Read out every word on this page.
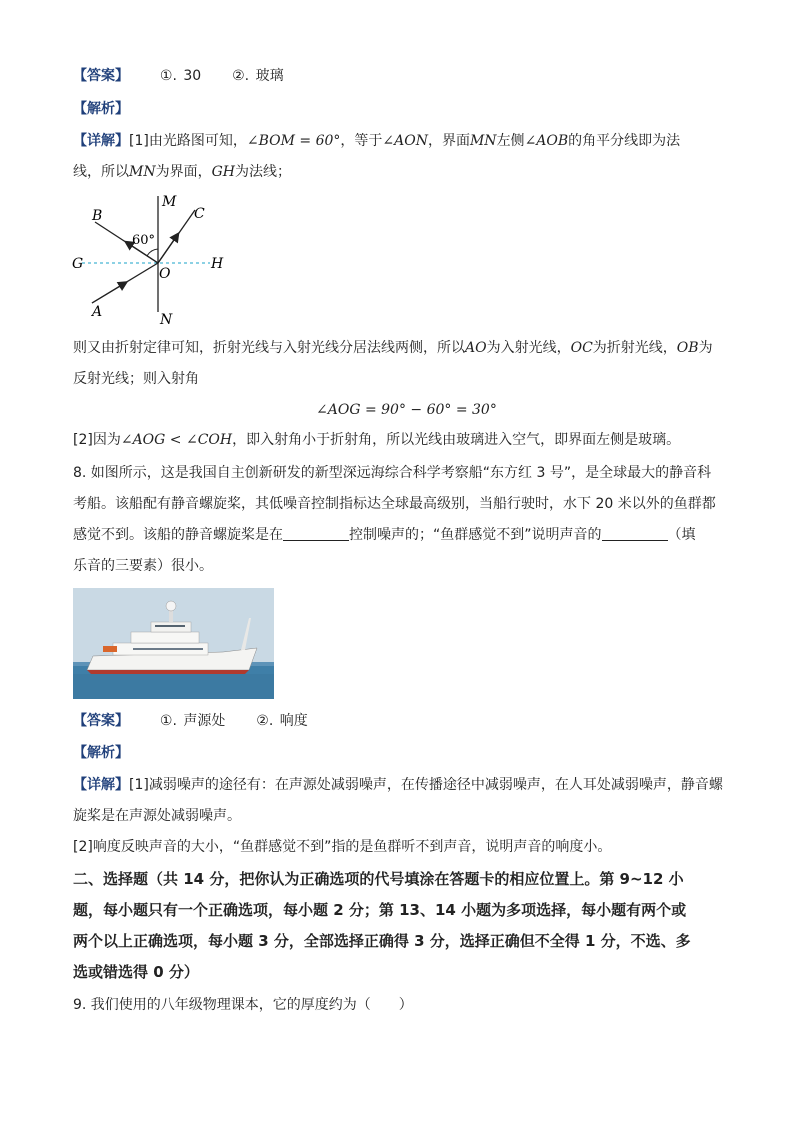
【答案】 ①. 30 ②. 玻璃
【解析】
【详解】[1]由光路图可知，∠BOM = 60°，等于∠AON，界面MN左侧∠AOB的角平分线即为法
线，所以MN为界面，GH为法线；
60°
B	C
M
G
O
H
A	N
则又由折射定律可知，折射光线与入射光线分居法线两侧，所以AO为入射光线，OC为折射光线，OB为
反射光线；则入射角
∠AOG = 90° − 60° = 30°
[2]因为∠AOG < ∠COH，即入射角小于折射角，所以光线由玻璃进入空气，即界面左侧是玻璃。
8. 如图所示，这是我国自主创新研发的新型深远海综合科学考察船“东方红 3 号”，是全球最大的静音科
考船。该船配有静音螺旋桨，其低噪音控制指标达全球最高级别，当船行驶时，水下 20 米以外的鱼群都
感觉不到。该船的静音螺旋桨是在	控制噪声的；“鱼群感觉不到”说明声音的	（填
乐音的三要素）很小。
【答案】 ①. 声源处 ②. 响度
【解析】
【详解】[1]减弱噪声的途径有：在声源处减弱噪声，在传播途径中减弱噪声，在人耳处减弱噪声，静音螺
旋桨是在声源处减弱噪声。
[2]响度反映声音的大小，“鱼群感觉不到”指的是鱼群听不到声音，说明声音的响度小。
二、选择题（共 14 分，把你认为正确选项的代号填涂在答题卡的相应位置上。第 9~12 小
题，每小题只有一个正确选项，每小题 2 分；第 13、14 小题为多项选择，每小题有两个或
两个以上正确选项，每小题 3 分，全部选择正确得 3 分，选择正确但不全得 1 分，不选、多
选或错选得 0 分）
9. 我们使用的八年级物理课本，它的厚度约为（　　）
